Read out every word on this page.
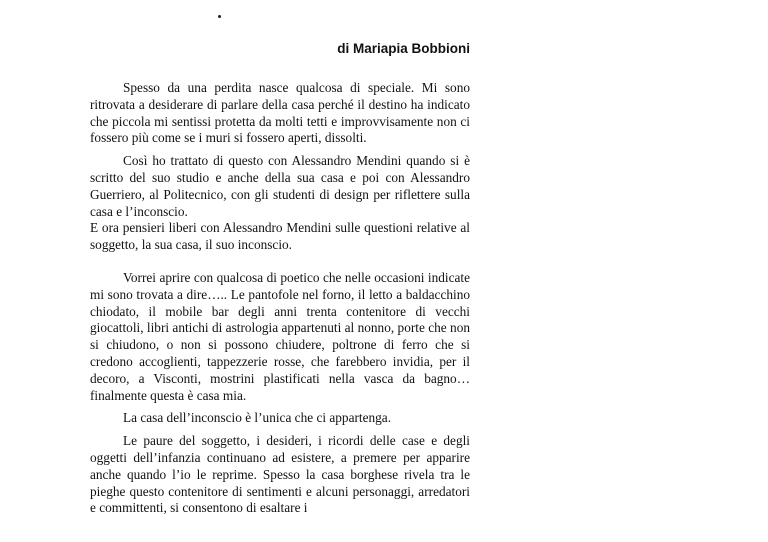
di Mariapia Bobbioni

Spesso da una perdita nasce qualcosa di speciale. Mi sono ritrovata a desiderare di parlare della casa perché il destino ha indicato che piccola mi sentissi protetta da molti tetti e improvvisamente non ci fossero più come se i muri si fossero aperti, dissolti.

Così ho trattato di questo con Alessandro Mendini quando si è scritto del suo studio e anche della sua casa e poi con Alessandro Guerriero, al Politecnico, con gli studenti di design per riflettere sulla casa e l’inconscio.

E ora pensieri liberi con Alessandro Mendini sulle questioni relative al soggetto, la sua casa, il suo inconscio.

Vorrei aprire con qualcosa di poetico che nelle occasioni indicate mi sono trovata a dire….. Le pantofole nel forno, il letto a baldacchino chiodato, il mobile bar degli anni trenta contenitore di vecchi giocattoli, libri antichi di astrologia appartenuti al nonno, porte che non si chiudono, o non si possono chiudere, poltrone di ferro che si credono accoglienti, tappezzerie rosse, che farebbero invidia, per il decoro, a Visconti, mostrini plastificati nella vasca da bagno… finalmente questa è casa mia.

La casa dell’inconscio è l’unica che ci appartenga.

Le paure del soggetto, i desideri, i ricordi delle case e degli oggetti dell’infanzia continuano ad esistere, a premere per apparire anche quando l’io le reprime. Spesso la casa borghese rivela tra le pieghe questo contenitore di sentimenti e alcuni personaggi, arredatori e committenti, si consentono di esaltare i
